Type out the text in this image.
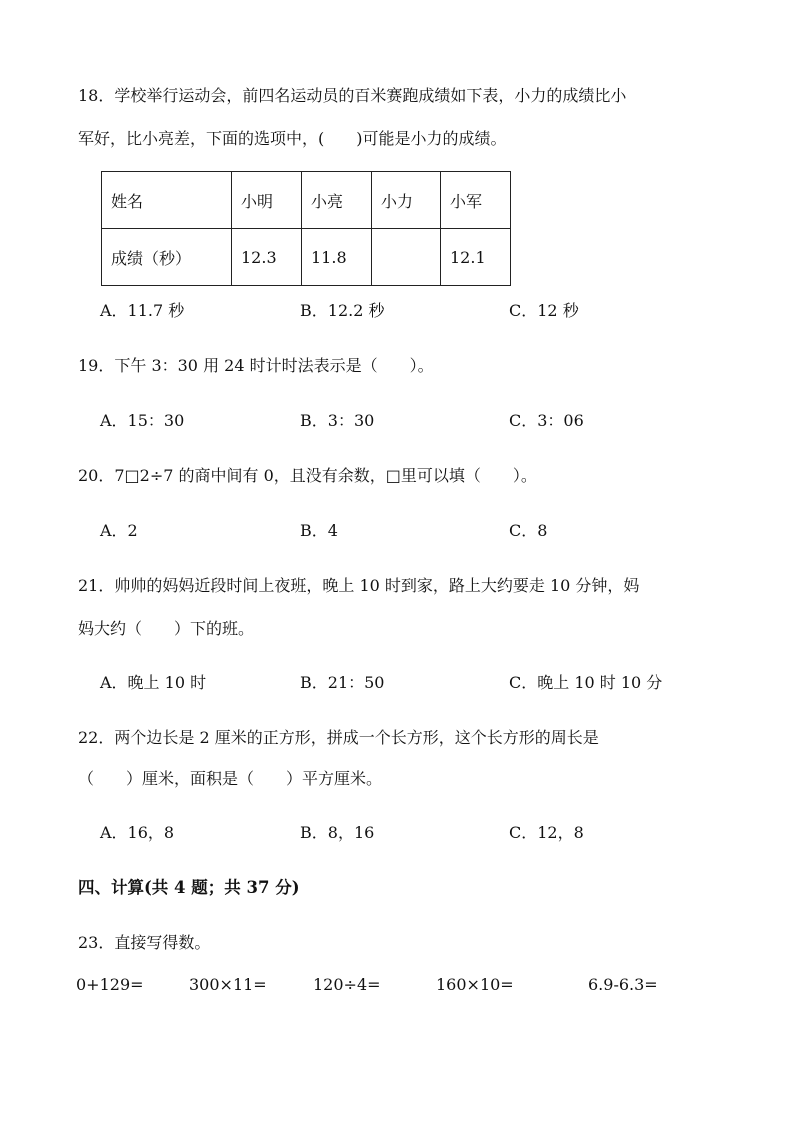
18．学校举行运动会，前四名运动员的百米赛跑成绩如下表，小力的成绩比小
军好，比小亮差，下面的选项中，(　　)可能是小力的成绩。
姓名	小明	小亮	小力	小军
成绩（秒）	12.3	11.8		12.1
A．11.7 秒	B．12.2 秒	C．12 秒
19．下午 3：30 用 24 时计时法表示是（　　）。
A．15：30	B．3：30	C．3：06
20．7□2÷7 的商中间有 0，且没有余数，□里可以填（　　）。
A．2	B．4	C．8
21．帅帅的妈妈近段时间上夜班，晚上 10 时到家，路上大约要走 10 分钟，妈
妈大约（　　）下的班。
A．晚上 10 时	B．21：50	C．晚上 10 时 10 分
22．两个边长是 2 厘米的正方形，拼成一个长方形，这个长方形的周长是
（　　）厘米，面积是（　　）平方厘米。
A．16，8	B．8，16	C．12，8
四、计算(共 4 题；共 37 分)
23．直接写得数。
0+129=	300×11=	120÷4=	160×10=	6.9-6.3=
